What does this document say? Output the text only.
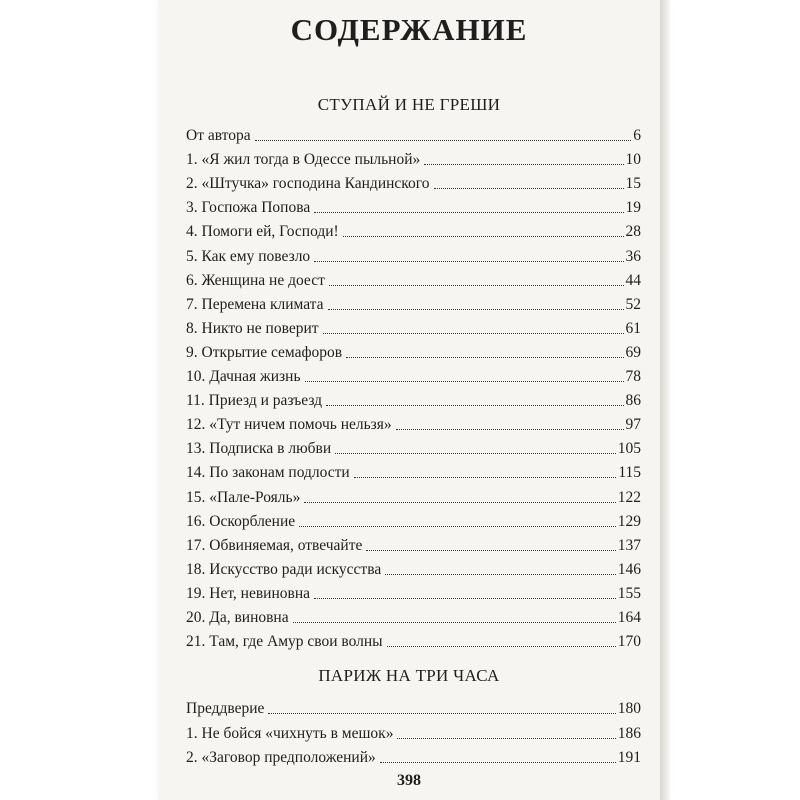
СОДЕРЖАНИЕ
СТУПАЙ И НЕ ГРЕШИ
От автора	6
1. «Я жил тогда в Одессе пыльной»	10
2. «Штучка» господина Кандинского	15
3. Госпожа Попова	19
4. Помоги ей, Господи!	28
5. Как ему повезло	36
6. Женщина не доест	44
7. Перемена климата	52
8. Никто не поверит	61
9. Открытие семафоров	69
10. Дачная жизнь	78
11. Приезд и разъезд	86
12. «Тут ничем помочь нельзя»	97
13. Подписка в любви	105
14. По законам подлости	115
15. «Пале-Рояль»	122
16. Оскорбление	129
17. Обвиняемая, отвечайте	137
18. Искусство ради искусства	146
19. Нет, невиновна	155
20. Да, виновна	164
21. Там, где Амур свои волны	170
ПАРИЖ НА ТРИ ЧАСА
Преддверие	180
1. Не бойся «чихнуть в мешок»	186
2. «Заговор предположений»	191
398
